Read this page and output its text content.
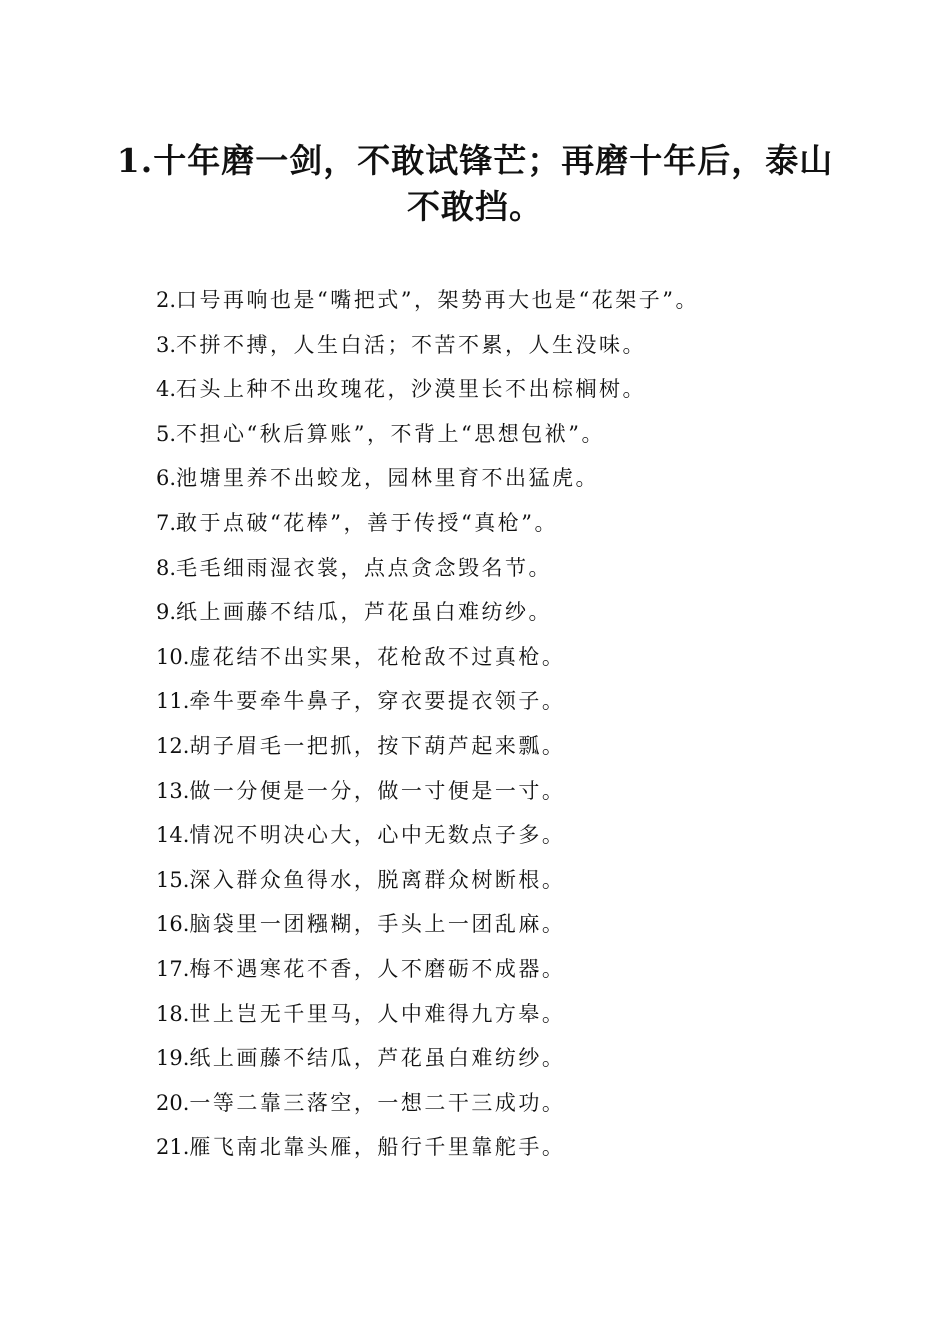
1.十年磨一剑，不敢试锋芒；再磨十年后，泰山不敢挡。
2.口号再响也是“嘴把式”，架势再大也是“花架子”。
3.不拼不搏，人生白活；不苦不累，人生没味。
4.石头上种不出玫瑰花，沙漠里长不出棕榈树。
5.不担心“秋后算账”，不背上“思想包袱”。
6.池塘里养不出蛟龙，园林里育不出猛虎。
7.敢于点破“花棒”，善于传授“真枪”。
8.毛毛细雨湿衣裳，点点贪念毁名节。
9.纸上画藤不结瓜，芦花虽白难纺纱。
10.虚花结不出实果，花枪敌不过真枪。
11.牵牛要牵牛鼻子，穿衣要提衣领子。
12.胡子眉毛一把抓，按下葫芦起来瓢。
13.做一分便是一分，做一寸便是一寸。
14.情况不明决心大，心中无数点子多。
15.深入群众鱼得水，脱离群众树断根。
16.脑袋里一团糨糊，手头上一团乱麻。
17.梅不遇寒花不香，人不磨砺不成器。
18.世上岂无千里马，人中难得九方皋。
19.纸上画藤不结瓜，芦花虽白难纺纱。
20.一等二靠三落空，一想二干三成功。
21.雁飞南北靠头雁，船行千里靠舵手。
